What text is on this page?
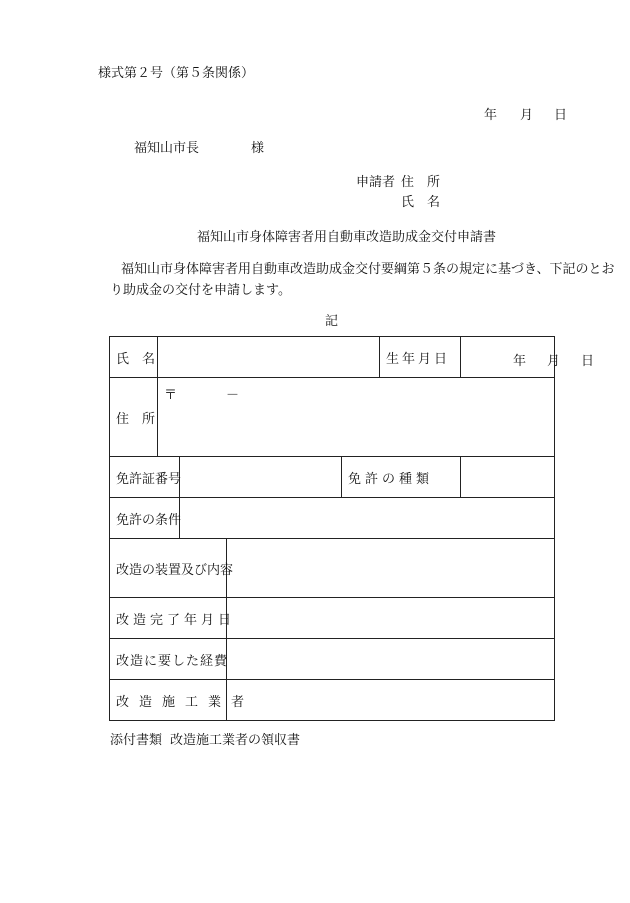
様式第２号（第５条関係）
年 月 日
福知山市長	様
申請者 住　所
氏　名
福知山市身体障害者用自動車改造助成金交付申請書
福知山市身体障害者用自動車改造助成金交付要綱第５条の規定に基づき、下記のとお
り助成金の交付を申請します。
記
氏　名					生年月日	年 月 日

住　所	〒 －					

免許証番号				免許の種類		
免許の条件						
改造の装置及び内容						
改造完了年月日						
改造に要した経費						
改造施工業者						
添付書類 改造施工業者の領収書
